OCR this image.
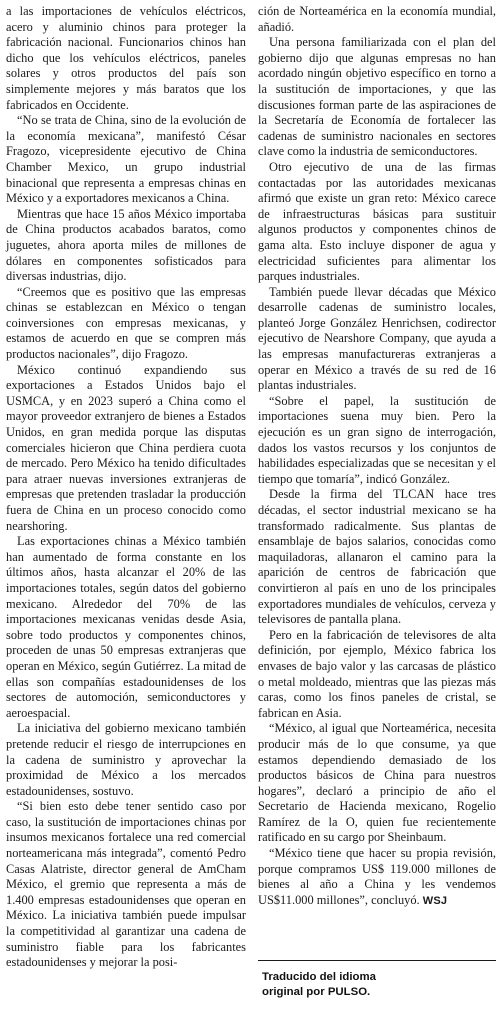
a las importaciones de vehículos eléctricos, acero y aluminio chinos para proteger la fabricación nacional. Funcionarios chinos han dicho que los vehículos eléctricos, paneles solares y otros productos del país son simplemente mejores y más baratos que los fabricados en Occidente.

“No se trata de China, sino de la evolución de la economía mexicana”, manifestó César Fragozo, vicepresidente ejecutivo de China Chamber Mexico, un grupo industrial binacional que representa a empresas chinas en México y a exportadores mexicanos a China.

Mientras que hace 15 años México importaba de China productos acabados baratos, como juguetes, ahora aporta miles de millones de dólares en componentes sofisticados para diversas industrias, dijo.

“Creemos que es positivo que las empresas chinas se establezcan en México o tengan coinversiones con empresas mexicanas, y estamos de acuerdo en que se compren más productos nacionales”, dijo Fragozo.

México continuó expandiendo sus exportaciones a Estados Unidos bajo el USMCA, y en 2023 superó a China como el mayor proveedor extranjero de bienes a Estados Unidos, en gran medida porque las disputas comerciales hicieron que China perdiera cuota de mercado. Pero México ha tenido dificultades para atraer nuevas inversiones extranjeras de empresas que pretenden trasladar la producción fuera de China en un proceso conocido como nearshoring.

Las exportaciones chinas a México también han aumentado de forma constante en los últimos años, hasta alcanzar el 20% de las importaciones totales, según datos del gobierno mexicano. Alrededor del 70% de las importaciones mexicanas venidas desde Asia, sobre todo productos y componentes chinos, proceden de unas 50 empresas extranjeras que operan en México, según Gutiérrez. La mitad de ellas son compañías estadounidenses de los sectores de automoción, semiconductores y aeroespacial.

La iniciativa del gobierno mexicano también pretende reducir el riesgo de interrupciones en la cadena de suministro y aprovechar la proximidad de México a los mercados estadounidenses, sostuvo.

“Si bien esto debe tener sentido caso por caso, la sustitución de importaciones chinas por insumos mexicanos fortalece una red comercial norteamericana más integrada”, comentó Pedro Casas Alatriste, director general de AmCham México, el gremio que representa a más de 1.400 empresas estadounidenses que operan en México. La iniciativa también puede impulsar la competitividad al garantizar una cadena de suministro fiable para los fabricantes estadounidenses y mejorar la posi-

ción de Norteamérica en la economía mundial, añadió.

Una persona familiarizada con el plan del gobierno dijo que algunas empresas no han acordado ningún objetivo específico en torno a la sustitución de importaciones, y que las discusiones forman parte de las aspiraciones de la Secretaría de Economía de fortalecer las cadenas de suministro nacionales en sectores clave como la industria de semiconductores.

Otro ejecutivo de una de las firmas contactadas por las autoridades mexicanas afirmó que existe un gran reto: México carece de infraestructuras básicas para sustituir algunos productos y componentes chinos de gama alta. Esto incluye disponer de agua y electricidad suficientes para alimentar los parques industriales.

También puede llevar décadas que México desarrolle cadenas de suministro locales, planteó Jorge González Henrichsen, codirector ejecutivo de Nearshore Company, que ayuda a las empresas manufactureras extranjeras a operar en México a través de su red de 16 plantas industriales.

“Sobre el papel, la sustitución de importaciones suena muy bien. Pero la ejecución es un gran signo de interrogación, dados los vastos recursos y los conjuntos de habilidades especializadas que se necesitan y el tiempo que tomaría”, indicó González.

Desde la firma del TLCAN hace tres décadas, el sector industrial mexicano se ha transformado radicalmente. Sus plantas de ensamblaje de bajos salarios, conocidas como maquiladoras, allanaron el camino para la aparición de centros de fabricación que convirtieron al país en uno de los principales exportadores mundiales de vehículos, cerveza y televisores de pantalla plana.

Pero en la fabricación de televisores de alta definición, por ejemplo, México fabrica los envases de bajo valor y las carcasas de plástico o metal moldeado, mientras que las piezas más caras, como los finos paneles de cristal, se fabrican en Asia.

“México, al igual que Norteamérica, necesita producir más de lo que consume, ya que estamos dependiendo demasiado de los productos básicos de China para nuestros hogares”, declaró a principio de año el Secretario de Hacienda mexicano, Rogelio Ramírez de la O, quien fue recientemente ratificado en su cargo por Sheinbaum.

“México tiene que hacer su propia revisión, porque compramos US$ 119.000 millones de bienes al año a China y les vendemos US$11.000 millones”, concluyó. WSJ

Traducido del idioma
original por PULSO.
